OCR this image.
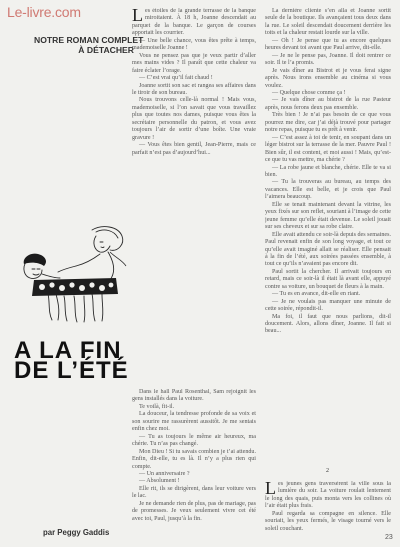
Le-livre.com
NOTRE ROMAN COMPLET
À DÉTACHER

Les étoiles de la grande terrasse de la banque miroitaient. À 18 h, Joanne descendait au parquet de la banque. Le garçon de courses apportait les courrier.

— Une belle chance, vous êtes prête à temps, mademoiselle Joanne !

Vous ne pensez pas que je veux partir d’aller mes mains vides ? Il paraît que cette chaleur va faire éclater l’orage.

— C’est vrai qu’il fait chaud !

Joanne sortit son sac et rangea ses affaires dans le tiroir de son bureau.

Nous trouvons celle-là normal ! Mais vous, mademoiselle, si l’on savait que vous travaillez plus que toutes nos dames, puisque vous êtes la secrétaire personnelle du patron, et vous avez toujours l’air de sortir d’une boîte. Une vraie gravure !

— Vous êtes bien gentil, Jean-Pierre, mais ce parfait n’est pas d’aujourd’hui...

La dernière cliente s’en alla et Joanne sortit seule de la boutique. Ils avançaient tous deux dans la rue. Le soleil descendait doucement derrière les toits et la chaleur restait lourde sur la ville.

— Oh ! Je pense que tu as encore quelques heures devant toi avant que Paul arrive, dit-elle.

— Je ne le pense pas, Joanne. Il doit rentrer ce soir. Il te l’a promis.

Je vais dîner au Bistrot et je vous ferai signe après. Nous irons ensemble au cinéma si vous voulez.

— Quelque chose comme ça !

— Je vais dîner au bistrot de la rue Pasteur après, nous ferons deux pas ensemble.

Très bien ! Je n’ai pas besoin de ce que vous pourrez me dire, car j’ai déjà trouvé pour partager notre repas, puisque tu es prêt à venir.

— C’est assez à toi de tenir, en soupant dans un léger bistrot sur la terrasse de la mer. Pauvre Paul ! Bien sûr, il est content, et moi aussi ! Mais, qu’est-ce que tu vas mettre, ma chérie ?

— La robe jaune et blanche, chérie. Elle te va si bien.

— Tu la trouveras au bureau, au temps des vacances. Elle est belle, et je crois que Paul l’aimera beaucoup.

Elle se tenait maintenant devant la vitrine, les yeux fixés sur son reflet, souriant à l’image de cette jeune femme qu’elle était devenue. Le soleil jouait sur ses cheveux et sur sa robe claire.

Elle avait attendu ce soir-là depuis des semaines. Paul revenait enfin de son long voyage, et tout ce qu’elle avait imaginé allait se réaliser. Elle pensait à la fin de l’été, aux soirées passées ensemble, à tout ce qu’ils n’avaient pas encore dit.

Paul sortit la chercher. Il arrivait toujours en retard, mais ce soir-là il était là avant elle, appuyé contre sa voiture, un bouquet de fleurs à la main.

— Tu es en avance, dit-elle en riant.

— Je ne voulais pas manquer une minute de cette soirée, répondit-il.

Ma foi, il faut que nous parlions, dit-il doucement. Alors, allons dîner, Joanne. Il fait si beau...

A LA FIN
DE L’ÉTÉ

Dans le hall Paul Rosenthal, Sam rejoignit les gens installés dans la voiture.

Te voilà, fit-il.

La douceur, la tendresse profonde de sa voix et son sourire me rassurèrent aussitôt. Je me sentais enfin chez moi.

— Tu as toujours le même air heureux, ma chérie. Tu n’as pas changé.

Mon Dieu ! Si tu savais combien je t’ai attendu. Enfin, dit-elle, tu es là. Il n’y a plus rien qui compte.

— Un anniversaire ?

— Absolument !

Elle rit, ils se dirigèrent, dans leur voiture vers le lac.

Je ne demande rien de plus, pas de mariage, pas de promesses. Je veux seulement vivre cet été avec toi, Paul, jusqu’à la fin.

par Peggy Gaddis
2

Les jeunes gens traversèrent la ville sous la lumière du soir. La voiture roulait lentement le long des quais, puis monta vers les collines où l’air était plus frais.

Paul regarda sa compagne en silence. Elle souriait, les yeux fermés, le visage tourné vers le soleil couchant.

23
